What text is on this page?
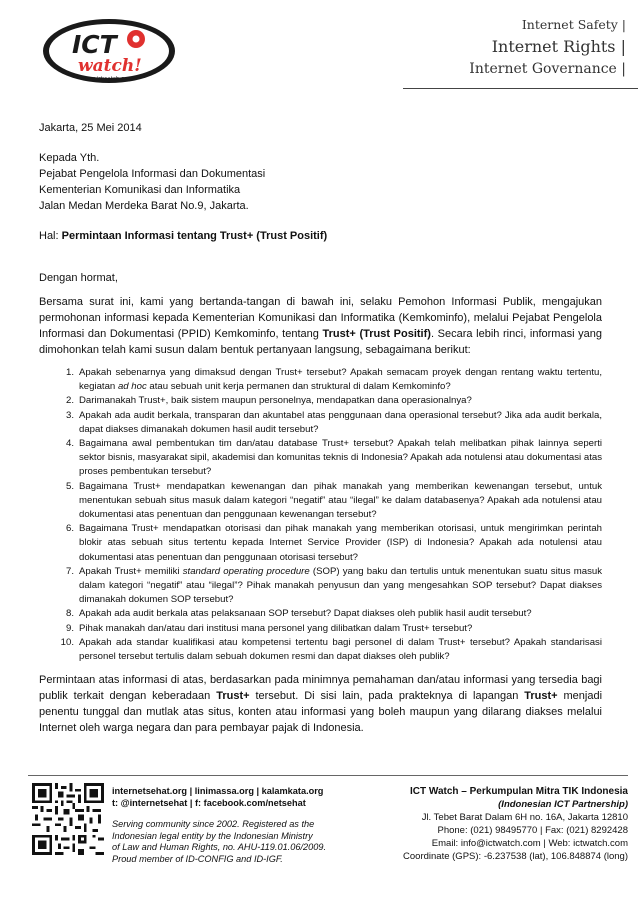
ICT
watch!
www.ictwatch.com
Internet Safety |
Internet Rights |
Internet Governance |

Jakarta, 25 Mei 2014

Kepada Yth.

Pejabat Pengelola Informasi dan Dokumentasi

Kementerian Komunikasi dan Informatika

Jalan Medan Merdeka Barat No.9, Jakarta.

Hal: Permintaan Informasi tentang Trust+ (Trust Positif)

Dengan hormat,

Bersama surat ini, kami yang bertanda-tangan di bawah ini, selaku Pemohon Informasi Publik, mengajukan permohonan informasi kepada Kementerian Komunikasi dan Informatika (Kemkominfo), melalui Pejabat Pengelola Informasi dan Dokumentasi (PPID) Kemkominfo, tentang Trust+ (Trust Positif). Secara lebih rinci, informasi yang dimohonkan telah kami susun dalam bentuk pertanyaan langsung, sebagaimana berikut:

1. Apakah sebenarnya yang dimaksud dengan Trust+ tersebut? Apakah semacam proyek dengan rentang waktu tertentu, kegiatan ad hoc atau sebuah unit kerja permanen dan struktural di dalam Kemkominfo?
2. Darimanakah Trust+, baik sistem maupun personelnya, mendapatkan dana operasionalnya?
3. Apakah ada audit berkala, transparan dan akuntabel atas penggunaan dana operasional tersebut? Jika ada audit berkala, dapat diakses dimanakah dokumen hasil audit tersebut?
4. Bagaimana awal pembentukan tim dan/atau database Trust+ tersebut? Apakah telah melibatkan pihak lainnya seperti sektor bisnis, masyarakat sipil, akademisi dan komunitas teknis di Indonesia? Apakah ada notulensi atau dokumentasi atas proses pembentukan tersebut?
5. Bagaimana Trust+ mendapatkan kewenangan dan pihak manakah yang memberikan kewenangan tersebut, untuk menentukan sebuah situs masuk dalam kategori “negatif” atau “ilegal” ke dalam databasenya? Apakah ada notulensi atau dokumentasi atas penentuan dan penggunaan kewenangan tersebut?
6. Bagaimana Trust+ mendapatkan otorisasi dan pihak manakah yang memberikan otorisasi, untuk mengirimkan perintah blokir atas sebuah situs tertentu kepada Internet Service Provider (ISP) di Indonesia? Apakah ada notulensi atau dokumentasi atas penentuan dan penggunaan otorisasi tersebut?
7. Apakah Trust+ memiliki standard operating procedure (SOP) yang baku dan tertulis untuk menentukan suatu situs masuk dalam kategori “negatif” atau “ilegal”? Pihak manakah penyusun dan yang mengesahkan SOP tersebut? Dapat diakses dimanakah dokumen SOP tersebut?
8. Apakah ada audit berkala atas pelaksanaan SOP tersebut? Dapat diakses oleh publik hasil audit tersebut?
9. Pihak manakah dan/atau dari institusi mana personel yang dilibatkan dalam Trust+ tersebut?
10. Apakah ada standar kualifikasi atau kompetensi tertentu bagi personel di dalam Trust+ tersebut? Apakah standarisasi personel tersebut tertulis dalam sebuah dokumen resmi dan dapat diakses oleh publik?

Permintaan atas informasi di atas, berdasarkan pada minimnya pemahaman dan/atau informasi yang tersedia bagi publik terkait dengan keberadaan Trust+ tersebut. Di sisi lain, pada prakteknya di lapangan Trust+ menjadi penentu tunggal dan mutlak atas situs, konten atau informasi yang boleh maupun yang dilarang diakses melalui Internet oleh warga negara dan para pembayar pajak di Indonesia.

internetsehat.org | linimassa.org | kalamkata.org
t: @internetsehat | f: facebook.com/netsehat
Serving community since 2002. Registered as the
Indonesian legal entity by the Indonesian Ministry
of Law and Human Rights, no. AHU-119.01.06/2009.
Proud member of ID-CONFIG and ID-IGF.
ICT Watch – Perkumpulan Mitra TIK Indonesia
(Indonesian ICT Partnership)
Jl. Tebet Barat Dalam 6H no. 16A, Jakarta 12810
Phone: (021) 98495770 | Fax: (021) 8292428
Email: info@ictwatch.com | Web: ictwatch.com
Coordinate (GPS): -6.237538 (lat), 106.848874 (long)
